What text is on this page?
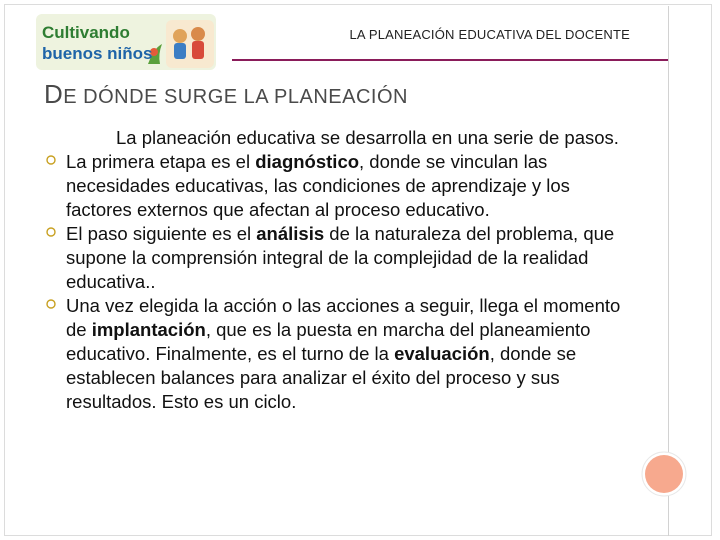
Cultivando
buenos niños
LA PLANEACIÓN EDUCATIVA DEL DOCENTE
DE DÓNDE SURGE LA PLANEACIÓN

La planeación educativa se desarrolla en una serie de pasos.

La primera etapa es el diagnóstico, donde se vinculan las necesidades educativas, las condiciones de aprendizaje y los factores externos que afectan al proceso educativo.

El paso siguiente es el análisis de la naturaleza del problema, que supone la comprensión integral de la complejidad de la realidad educativa..

Una vez elegida la acción o las acciones a seguir, llega el momento de implantación, que es la puesta en marcha del planeamiento educativo. Finalmente, es el turno de la evaluación, donde se establecen balances para analizar el éxito del proceso y sus resultados. Esto es un ciclo.
